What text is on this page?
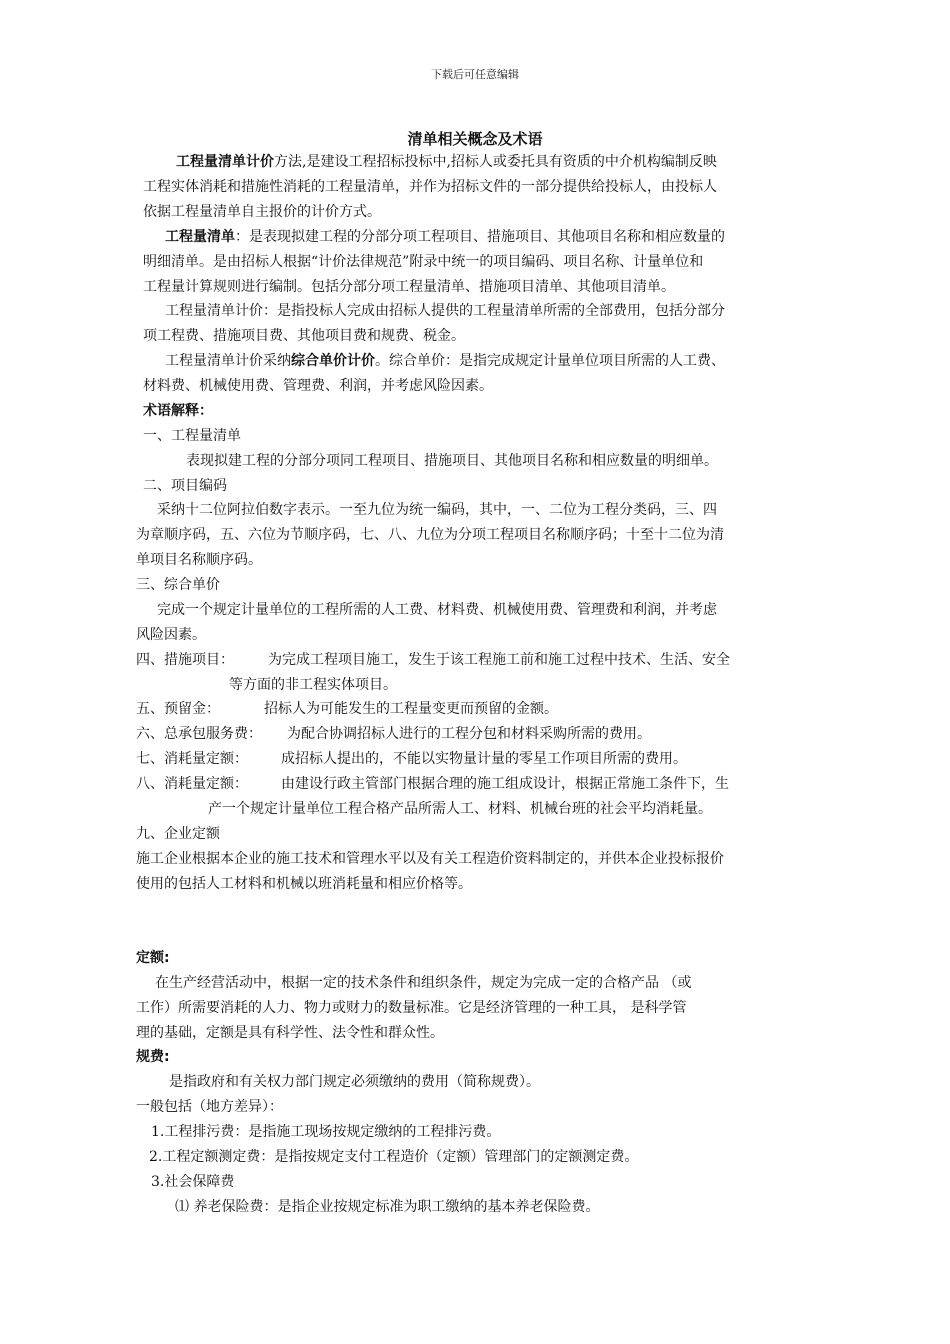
下载后可任意编辑
清单相关概念及术语
工程量清单计价方法,是建设工程招标投标中,招标人或委托具有资质的中介机构编制反映
工程实体消耗和措施性消耗的工程量清单，并作为招标文件的一部分提供给投标人，由投标人
依据工程量清单自主报价的计价方式。
工程量清单：是表现拟建工程的分部分项工程项目、措施项目、其他项目名称和相应数量的
明细清单。是由招标人根据“计价法律规范”附录中统一的项目编码、项目名称、计量单位和
工程量计算规则进行编制。包括分部分项工程量清单、措施项目清单、其他项目清单。
工程量清单计价：是指投标人完成由招标人提供的工程量清单所需的全部费用，包括分部分
项工程费、措施项目费、其他项目费和规费、税金。
工程量清单计价采纳综合单价计价。综合单价：是指完成规定计量单位项目所需的人工费、
材料费、机械使用费、管理费、利润，并考虑风险因素。
术语解释：
一、工程量清单
表现拟建工程的分部分项同工程项目、措施项目、其他项目名称和相应数量的明细单。
二、项目编码
采纳十二位阿拉伯数字表示。一至九位为统一编码，其中，一、二位为工程分类码，三、四
为章顺序码，五、六位为节顺序码，七、八、九位为分项工程项目名称顺序码；十至十二位为清
单项目名称顺序码。
三、综合单价
完成一个规定计量单位的工程所需的人工费、材料费、机械使用费、管理费和利润，并考虑
风险因素。
四、措施项目： 为完成工程项目施工，发生于该工程施工前和施工过程中技术、生活、安全
等方面的非工程实体项目。
五、预留金：	招标人为可能发生的工程量变更而预留的金额。
六、总承包服务费： 为配合协调招标人进行的工程分包和材料采购所需的费用。
七、消耗量定额： 成招标人提出的，不能以实物量计量的零星工作项目所需的费用。
八、消耗量定额： 由建设行政主管部门根据合理的施工组成设计，根据正常施工条件下，生
产一个规定计量单位工程合格产品所需人工、材料、机械台班的社会平均消耗量。
九、企业定额
施工企业根据本企业的施工技术和管理水平以及有关工程造价资料制定的，并供本企业投标报价
使用的包括人工材料和机械以班消耗量和相应价格等。
定额:
在生产经营活动中，根据一定的技术条件和组织条件，规定为完成一定的合格产品 （或
工作）所需要消耗的人力、物力或财力的数量标准。它是经济管理的一种工具， 是科学管
理的基础，定额是具有科学性、法令性和群众性。
规费:
是指政府和有关权力部门规定必须缴纳的费用（简称规费）。
一般包括（地方差异）：
1.工程排污费：是指施工现场按规定缴纳的工程排污费。
2.工程定额测定费：是指按规定支付工程造价（定额）管理部门的定额测定费。
3.社会保障费
⑴ 养老保险费：是指企业按规定标准为职工缴纳的基本养老保险费。
